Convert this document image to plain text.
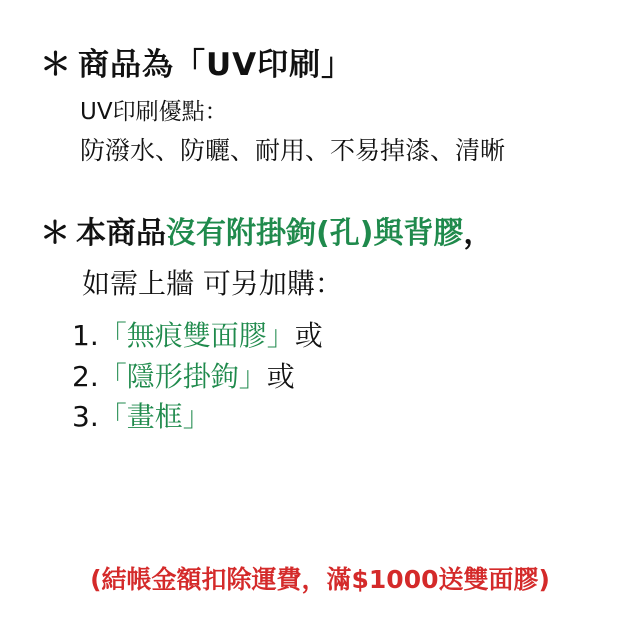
＊ 商品為「UV印刷」
UV印刷優點：
防潑水、防曬、耐用、不易掉漆、清晰
＊ 本商品沒有附掛鉤(孔)與背膠，
如需上牆 可另加購：
1.「無痕雙面膠」或
2.「隱形掛鉤」或
3.「畫框」
(結帳金額扣除運費，滿$1000送雙面膠)
